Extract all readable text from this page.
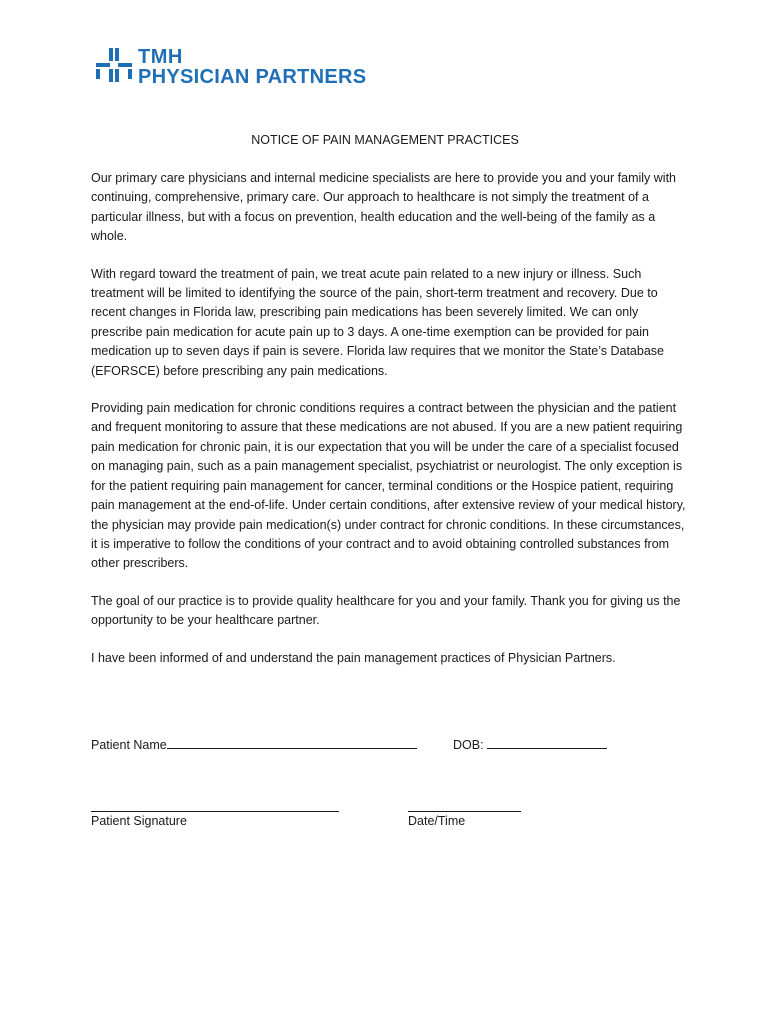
TMH
PHYSICIAN PARTNERS
NOTICE OF PAIN MANAGEMENT PRACTICES

Our primary care physicians and internal medicine specialists are here to provide you and your family with continuing, comprehensive, primary care. Our approach to healthcare is not simply the treatment of a particular illness, but with a focus on prevention, health education and the well-being of the family as a whole.

With regard toward the treatment of pain, we treat acute pain related to a new injury or illness. Such treatment will be limited to identifying the source of the pain, short-term treatment and recovery. Due to recent changes in Florida law, prescribing pain medications has been severely limited. We can only prescribe pain medication for acute pain up to 3 days. A one-time exemption can be provided for pain medication up to seven days if pain is severe. Florida law requires that we monitor the State’s Database (EFORSCE) before prescribing any pain medications.

Providing pain medication for chronic conditions requires a contract between the physician and the patient and frequent monitoring to assure that these medications are not abused. If you are a new patient requiring pain medication for chronic pain, it is our expectation that you will be under the care of a specialist focused on managing pain, such as a pain management specialist, psychiatrist or neurologist. The only exception is for the patient requiring pain management for cancer, terminal conditions or the Hospice patient, requiring pain management at the end-of-life. Under certain conditions, after extensive review of your medical history, the physician may provide pain medication(s) under contract for chronic conditions. In these circumstances, it is imperative to follow the conditions of your contract and to avoid obtaining controlled substances from other prescribers.

The goal of our practice is to provide quality healthcare for you and your family. Thank you for giving us the opportunity to be your healthcare partner.

I have been informed of and understand the pain management practices of Physician Partners.

Patient Name	DOB:
Patient Signature	Date/Time
